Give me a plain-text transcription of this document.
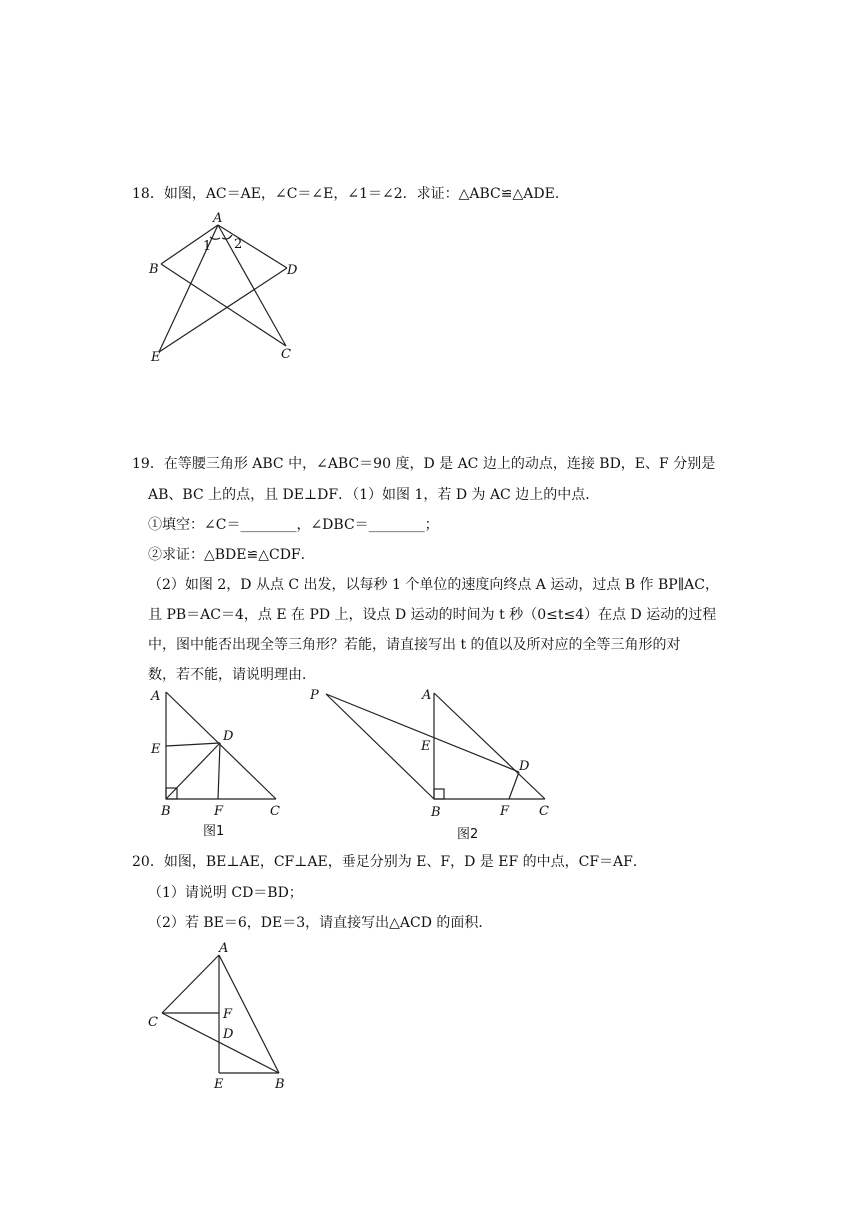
18．如图，AC＝AE，∠C＝∠E，∠1＝∠2．求证：△ABC≌△ADE．
A
B	D
E	C
1 2
19．在等腰三角形 ABC 中，∠ABC＝90 度，D 是 AC 边上的动点，连接 BD，E、F 分别是
AB、BC 上的点，且 DE⊥DF．（1）如图 1，若 D 为 AC 边上的中点．
①填空：∠C＝________，∠DBC＝________；
②求证：△BDE≌△CDF．
（2）如图 2，D 从点 C 出发，以每秒 1 个单位的速度向终点 A 运动，过点 B 作 BP∥AC，
且 PB＝AC＝4，点 E 在 PD 上，设点 D 运动的时间为 t 秒（0≤t≤4）在点 D 运动的过程
中，图中能否出现全等三角形？若能，请直接写出 t 的值以及所对应的全等三角形的对
数，若不能，请说明理由．
A
E
D
B	F	C
图1
P	A
E
D
B	F C
图2
20．如图，BE⊥AE，CF⊥AE，垂足分别为 E、F，D 是 EF 的中点，CF＝AF．
（1）请说明 CD＝BD；
（2）若 BE＝6，DE＝3，请直接写出△ACD 的面积．
A
C
F
D
E	B
